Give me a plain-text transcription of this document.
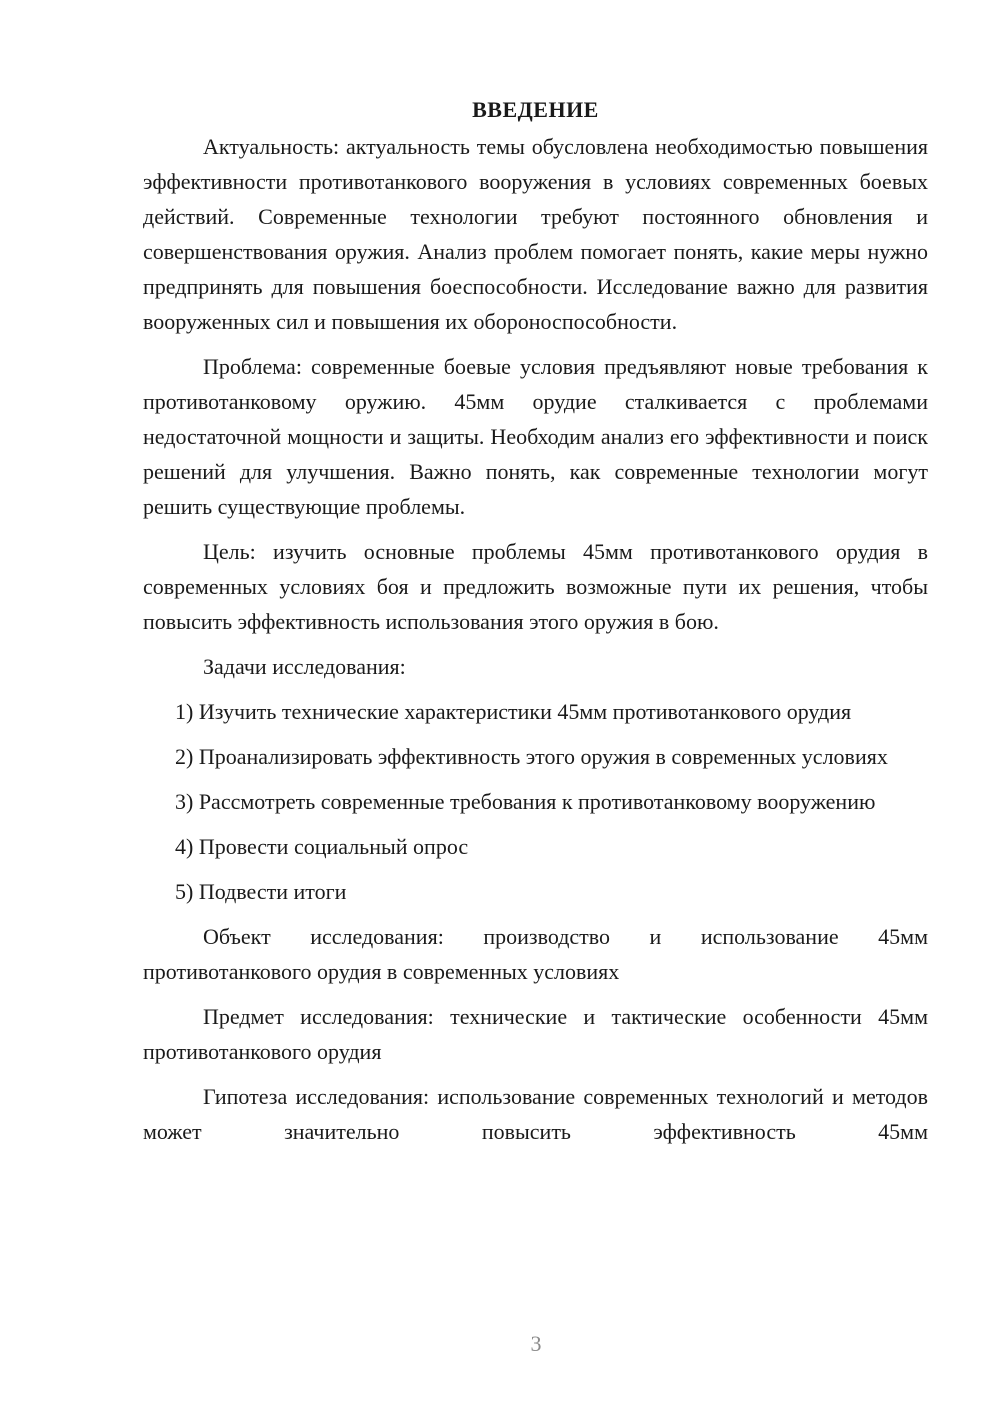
ВВЕДЕНИЕ

Актуальность: актуальность темы обусловлена необходимостью повышения эффективности противотанкового вооружения в условиях современных боевых действий. Современные технологии требуют постоянного обновления и совершенствования оружия. Анализ проблем помогает понять, какие меры нужно предпринять для повышения боеспособности. Исследование важно для развития вооруженных сил и повышения их обороноспособности.

Проблема: современные боевые условия предъявляют новые требования к противотанковому оружию. 45мм орудие сталкивается с проблемами недостаточной мощности и защиты. Необходим анализ его эффективности и поиск решений для улучшения. Важно понять, как современные технологии могут решить существующие проблемы.

Цель: изучить основные проблемы 45мм противотанкового орудия в современных условиях боя и предложить возможные пути их решения, чтобы повысить эффективность использования этого оружия в бою.

Задачи исследования:

1) Изучить технические характеристики 45мм противотанкового орудия

2) Проанализировать эффективность этого оружия в современных условиях

3) Рассмотреть современные требования к противотанковому вооружению

4) Провести социальный опрос

5) Подвести итоги

Объект исследования: производство и использование 45мм противотанкового орудия в современных условиях

Предмет исследования: технические и тактические особенности 45мм противотанкового орудия

Гипотеза исследования: использование современных технологий и методов может значительно повысить эффективность 45мм

3
